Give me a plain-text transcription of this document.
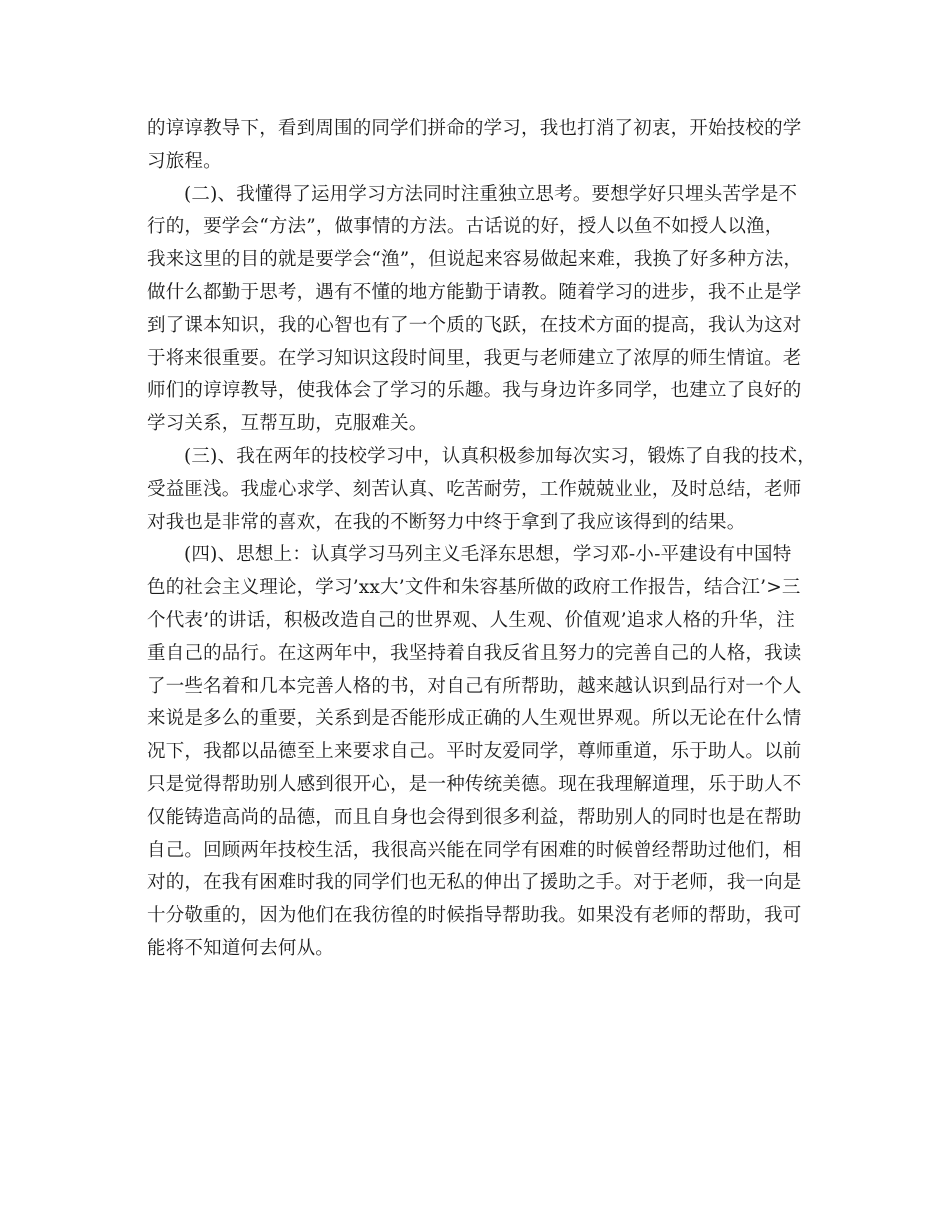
的谆谆教导下，看到周围的同学们拼命的学习，我也打消了初衷，开始技校的学
习旅程。
(二)、我懂得了运用学习方法同时注重独立思考。要想学好只埋头苦学是不
行的，要学会“方法”，做事情的方法。古话说的好，授人以鱼不如授人以渔，
我来这里的目的就是要学会“渔”，但说起来容易做起来难，我换了好多种方法，
做什么都勤于思考，遇有不懂的地方能勤于请教。随着学习的进步，我不止是学
到了课本知识，我的心智也有了一个质的飞跃，在技术方面的提高，我认为这对
于将来很重要。在学习知识这段时间里，我更与老师建立了浓厚的师生情谊。老
师们的谆谆教导，使我体会了学习的乐趣。我与身边许多同学，也建立了良好的
学习关系，互帮互助，克服难关。
(三)、我在两年的技校学习中，认真积极参加每次实习，锻炼了自我的技术，
受益匪浅。我虚心求学、刻苦认真、吃苦耐劳，工作兢兢业业，及时总结，老师
对我也是非常的喜欢，在我的不断努力中终于拿到了我应该得到的结果。
(四)、思想上：认真学习马列主义毛泽东思想，学习邓-小-平建设有中国特
色的社会主义理论，学习’xx大’文件和朱容基所做的政府工作报告，结合江’>三
个代表’的讲话，积极改造自己的世界观、人生观、价值观’追求人格的升华，注
重自己的品行。在这两年中，我坚持着自我反省且努力的完善自己的人格，我读
了一些名着和几本完善人格的书，对自己有所帮助，越来越认识到品行对一个人
来说是多么的重要，关系到是否能形成正确的人生观世界观。所以无论在什么情
况下，我都以品德至上来要求自己。平时友爱同学，尊师重道，乐于助人。以前
只是觉得帮助别人感到很开心，是一种传统美德。现在我理解道理，乐于助人不
仅能铸造高尚的品德，而且自身也会得到很多利益，帮助别人的同时也是在帮助
自己。回顾两年技校生活，我很高兴能在同学有困难的时候曾经帮助过他们，相
对的，在我有困难时我的同学们也无私的伸出了援助之手。对于老师，我一向是
十分敬重的，因为他们在我彷徨的时候指导帮助我。如果没有老师的帮助，我可
能将不知道何去何从。
